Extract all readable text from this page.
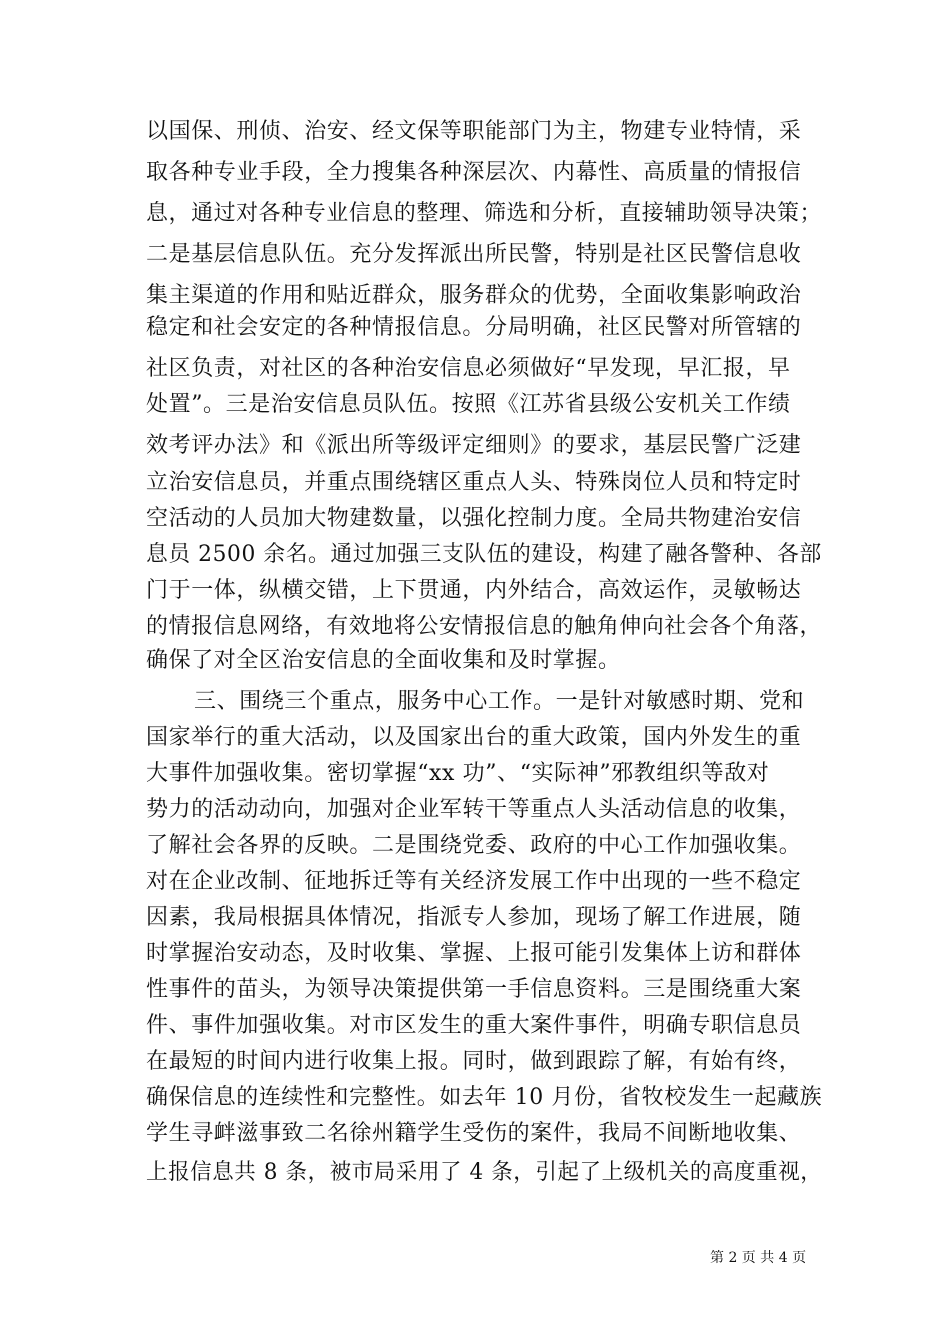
以国保、刑侦、治安、经文保等职能部门为主，物建专业特情，采
取各种专业手段，全力搜集各种深层次、内幕性、高质量的情报信
息，通过对各种专业信息的整理、筛选和分析，直接辅助领导决策；
二是基层信息队伍。充分发挥派出所民警，特别是社区民警信息收
集主渠道的作用和贴近群众，服务群众的优势，全面收集影响政治
稳定和社会安定的各种情报信息。分局明确，社区民警对所管辖的
社区负责，对社区的各种治安信息必须做好“早发现，早汇报，早
处置”。三是治安信息员队伍。按照《江苏省县级公安机关工作绩
效考评办法》和《派出所等级评定细则》的要求，基层民警广泛建
立治安信息员，并重点围绕辖区重点人头、特殊岗位人员和特定时
空活动的人员加大物建数量，以强化控制力度。全局共物建治安信
息员 2500 余名。通过加强三支队伍的建设，构建了融各警种、各部
门于一体，纵横交错，上下贯通，内外结合，高效运作，灵敏畅达
的情报信息网络，有效地将公安情报信息的触角伸向社会各个角落，
确保了对全区治安信息的全面收集和及时掌握。
三、围绕三个重点，服务中心工作。一是针对敏感时期、党和
国家举行的重大活动，以及国家出台的重大政策，国内外发生的重
大事件加强收集。密切掌握“xx 功”、“实际神”邪教组织等敌对
势力的活动动向，加强对企业军转干等重点人头活动信息的收集，
了解社会各界的反映。二是围绕党委、政府的中心工作加强收集。
对在企业改制、征地拆迁等有关经济发展工作中出现的一些不稳定
因素，我局根据具体情况，指派专人参加，现场了解工作进展，随
时掌握治安动态，及时收集、掌握、上报可能引发集体上访和群体
性事件的苗头，为领导决策提供第一手信息资料。三是围绕重大案
件、事件加强收集。对市区发生的重大案件事件，明确专职信息员
在最短的时间内进行收集上报。同时，做到跟踪了解，有始有终，
确保信息的连续性和完整性。如去年 10 月份，省牧校发生一起藏族
学生寻衅滋事致二名徐州籍学生受伤的案件，我局不间断地收集、
上报信息共 8 条，被市局采用了 4 条，引起了上级机关的高度重视，
第 2 页 共 4 页
